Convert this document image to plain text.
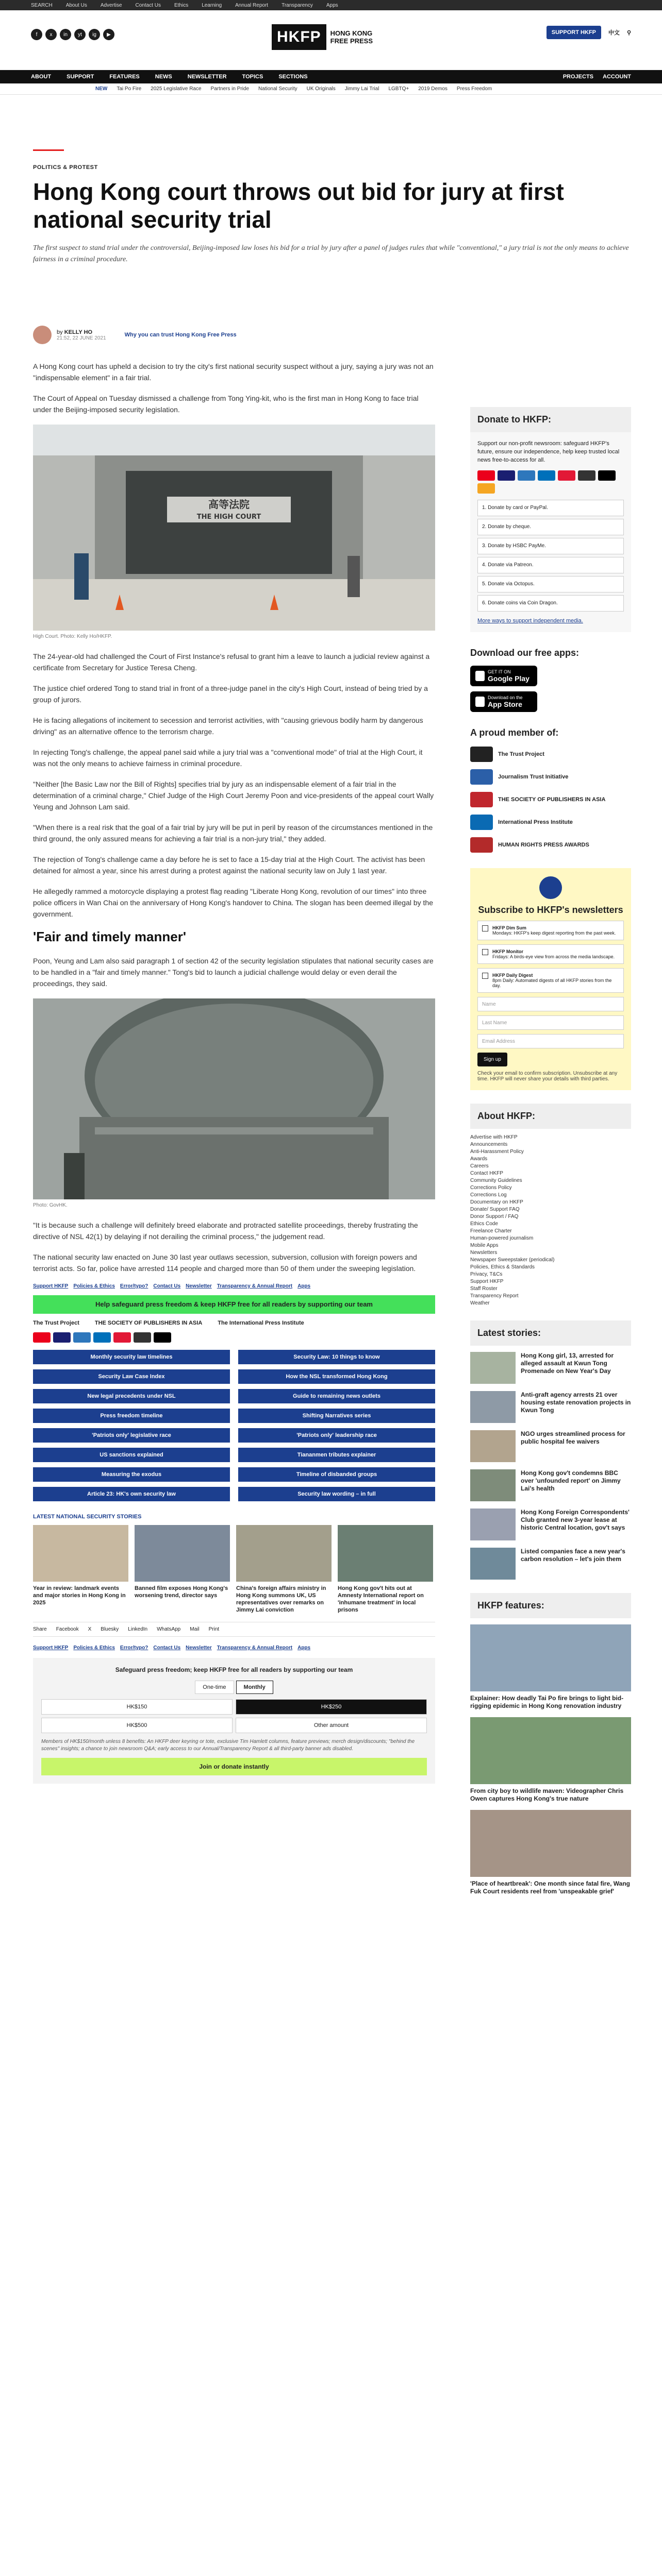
SEARCH	About Us	Advertise	Contact Us	Ethics	Learning	Annual Report	Transparency	Apps
f	x	in	yt	ig	▶	HKFP	HONG KONG
FREE PRESS
SUPPORT HKFP	中文 ⚲
ABOUT	SUPPORT	FEATURES	NEWS	NEWSLETTER	TOPICS	SECTIONS	PROJECTS ACCOUNT
NEW Tai Po Fire 2025 Legislative Race Partners in Pride National Security UK Originals Jimmy Lai Trial LGBTQ+ 2019 Demos Press Freedom
POLITICS & PROTEST
Hong Kong court throws out bid for jury at first national security trial

The first suspect to stand trial under the controversial, Beijing-imposed law loses his bid for a trial by jury after a panel of judges rules that while "conventional," a jury trial is not the only means to achieve fairness in a criminal procedure.

by KELLY HO
21:52, 22 JUNE 2021	Why you can trust Hong Kong Free Press

A Hong Kong court has upheld a decision to try the city's first national security suspect without a jury, saying a jury was not an "indispensable element" in a fair trial.

The Court of Appeal on Tuesday dismissed a challenge from Tong Ying-kit, who is the first man in Hong Kong to face trial under the Beijing-imposed security legislation.

高等法院
THE HIGH COURT
High Court. Photo: Kelly Ho/HKFP.

The 24-year-old had challenged the Court of First Instance's refusal to grant him a leave to launch a judicial review against a certificate from Secretary for Justice Teresa Cheng.

The justice chief ordered Tong to stand trial in front of a three-judge panel in the city's High Court, instead of being tried by a group of jurors.

He is facing allegations of incitement to secession and terrorist activities, with "causing grievous bodily harm by dangerous driving" as an alternative offence to the terrorism charge.

In rejecting Tong's challenge, the appeal panel said while a jury trial was a "conventional mode" of trial at the High Court, it was not the only means to achieve fairness in criminal procedure.

"Neither [the Basic Law nor the Bill of Rights] specifies trial by jury as an indispensable element of a fair trial in the determination of a criminal charge," Chief Judge of the High Court Jeremy Poon and vice-presidents of the appeal court Wally Yeung and Johnson Lam said.

"When there is a real risk that the goal of a fair trial by jury will be put in peril by reason of the circumstances mentioned in the third ground, the only assured means for achieving a fair trial is a non-jury trial," they added.

The rejection of Tong's challenge came a day before he is set to face a 15-day trial at the High Court. The activist has been detained for almost a year, since his arrest during a protest against the national security law on July 1 last year.

He allegedly rammed a motorcycle displaying a protest flag reading "Liberate Hong Kong, revolution of our times" into three police officers in Wan Chai on the anniversary of Hong Kong's handover to China. The slogan has been deemed illegal by the government.

'Fair and timely manner'

Poon, Yeung and Lam also said paragraph 1 of section 42 of the security legislation stipulates that national security cases are to be handled in a "fair and timely manner." Tong's bid to launch a judicial challenge would delay or even derail the proceedings, they said.

Photo: GovHK.

"It is because such a challenge will definitely breed elaborate and protracted satellite proceedings, thereby frustrating the directive of NSL 42(1) by delaying if not derailing the criminal process," the judgement read.

The national security law enacted on June 30 last year outlaws secession, subversion, collusion with foreign powers and terrorist acts. So far, police have arrested 114 people and charged more than 50 of them under the sweeping legislation.

Support HKFP Policies & Ethics Error/typo? Contact Us Newsletter Transparency & Annual Report Apps
Help safeguard press freedom & keep HKFP free for all readers by supporting our team
The Trust Project	THE SOCIETY OF PUBLISHERS IN ASIA	The International Press Institute
Monthly security law timelines	Security Law: 10 things to know
Security Law Case Index	How the NSL transformed Hong Kong
New legal precedents under NSL	Guide to remaining news outlets
Press freedom timeline	Shifting Narratives series
'Patriots only' legislative race	'Patriots only' leadership race
US sanctions explained	Tiananmen tributes explainer
Measuring the exodus	Timeline of disbanded groups
Article 23: HK's own security law	Security law wording – in full
LATEST NATIONAL SECURITY STORIES
Year in review: landmark events and major stories in Hong Kong in 2025
Banned film exposes Hong Kong's worsening trend, director says
China's foreign affairs ministry in Hong Kong summons UK, US representatives over remarks on Jimmy Lai conviction
Hong Kong gov't hits out at Amnesty International report on 'inhumane treatment' in local prisons
Share Facebook X Bluesky LinkedIn WhatsApp Mail Print
Support HKFP Policies & Ethics Error/typo? Contact Us Newsletter Transparency & Annual Report Apps
Safeguard press freedom; keep HKFP free for all readers by supporting our team
One-time	Monthly
HK$150	HK$250
HK$500	Other amount

Members of HK$150/month unless 8 benefits: An HKFP deer keyring or tote, exclusive Tim Hamlett columns, feature previews; merch design/discounts; "behind the scenes" insights; a chance to join newsroom Q&A; early access to our Annual/Transparency Report & all third-party banner ads disabled.

Join or donate instantly
Donate to HKFP:

Support our non-profit newsroom: safeguard HKFP's future, ensure our independence, help keep trusted local news free-to-access for all.

1. Donate by card or PayPal.
2. Donate by cheque.
3. Donate by HSBC PayMe.
4. Donate via Patreon.
5. Donate via Octopus.
6. Donate coins via Coin Dragon.
More ways to support independent media.
Download our free apps:
GET IT ON
Google Play
Download on the
App Store
A proud member of:
The Trust Project
Journalism Trust Initiative
THE SOCIETY OF PUBLISHERS IN ASIA
International Press Institute
HUMAN RIGHTS PRESS AWARDS
Subscribe to HKFP's newsletters
HKFP Dim Sum
Mondays: HKFP's keep digest reporting from the past week.
HKFP Monitor
Fridays: A birds-eye view from across the media landscape.
HKFP Daily Digest
8pm Daily: Automated digests of all HKFP stories from the day.
Name
Last Name
Email Address
Sign up

Check your email to confirm subscription. Unsubscribe at any time. HKFP will never share your details with third parties.

About HKFP:
Advertise with HKFP
Announcements
Anti-Harassment Policy
Awards
Careers
Contact HKFP
Community Guidelines
Corrections Policy
Corrections Log
Documentary on HKFP
Donate/ Support FAQ
Donor Support / FAQ
Ethics Code
Freelance Charter
Human-powered journalism
Mobile Apps
Newsletters
Newspaper Sweepstaker (periodical)
Policies, Ethics & Standards
Privacy, T&Cs
Support HKFP
Staff Roster
Transparency Report
Weather
Latest stories:
Hong Kong girl, 13, arrested for alleged assault at Kwun Tong Promenade on New Year's Day
Anti-graft agency arrests 21 over housing estate renovation projects in Kwun Tong
NGO urges streamlined process for public hospital fee waivers
Hong Kong gov't condemns BBC over 'unfounded report' on Jimmy Lai's health
Hong Kong Foreign Correspondents' Club granted new 3-year lease at historic Central location, gov't says
Listed companies face a new year's carbon resolution – let's join them
HKFP features:
Explainer: How deadly Tai Po fire brings to light bid-rigging epidemic in Hong Kong renovation industry
From city boy to wildlife maven: Videographer Chris Owen captures Hong Kong's true nature
'Place of heartbreak': One month since fatal fire, Wang Fuk Court residents reel from 'unspeakable grief'
